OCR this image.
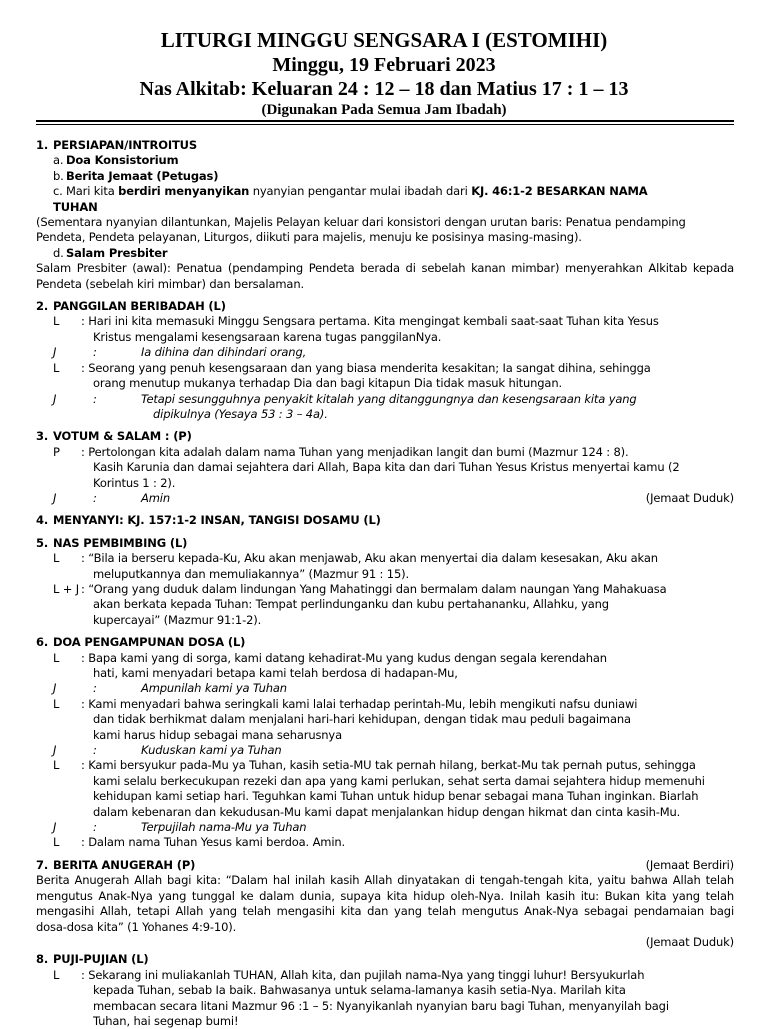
LITURGI MINGGU SENGSARA I (ESTOMIHI)
Minggu, 19 Februari 2023
Nas Alkitab: Keluaran 24 : 12 – 18 dan Matius 17 : 1 – 13
(Digunakan Pada Semua Jam Ibadah)
1. PERSIAPAN/INTROITUS
a. Doa Konsistorium
b. Berita Jemaat (Petugas)
c. Mari kita berdiri menyanyikan nyanyian pengantar mulai ibadah dari KJ. 46:1-2 BESARKAN NAMA
TUHAN
(Sementara nyanyian dilantunkan, Majelis Pelayan keluar dari konsistori dengan urutan baris: Penatua pendamping Pendeta, Pendeta pelayanan, Liturgos, diikuti para majelis, menuju ke posisinya masing-masing).
d. Salam Presbiter
Salam Presbiter (awal): Penatua (pendamping Pendeta berada di sebelah kanan mimbar) menyerahkan Alkitab kepada Pendeta (sebelah kiri mimbar) dan bersalaman.
2. PANGGILAN BERIBADAH (L)
L	: Hari ini kita memasuki Minggu Sengsara pertama. Kita mengingat kembali saat-saat Tuhan kita Yesus
Kristus mengalami kesengsaraan karena tugas panggilanNya.
J	:	Ia dihina dan dihindari orang,
L	: Seorang yang penuh kesengsaraan dan yang biasa menderita kesakitan; Ia sangat dihina, sehingga
orang menutup mukanya terhadap Dia dan bagi kitapun Dia tidak masuk hitungan.
J	:	Tetapi sesungguhnya penyakit kitalah yang ditanggungnya dan kesengsaraan kita yang
dipikulnya (Yesaya 53 : 3 – 4a).
3. VOTUM & SALAM : (P)
P	: Pertolongan kita adalah dalam nama Tuhan yang menjadikan langit dan bumi (Mazmur 124 : 8).
Kasih Karunia dan damai sejahtera dari Allah, Bapa kita dan dari Tuhan Yesus Kristus menyertai kamu (2
Korintus 1 : 2).
J	:	Amin	(Jemaat Duduk)
4. MENYANYI: KJ. 157:1-2 INSAN, TANGISI DOSAMU (L)
5. NAS PEMBIMBING (L)
L	: “Bila ia berseru kepada-Ku, Aku akan menjawab, Aku akan menyertai dia dalam kesesakan, Aku akan
meluputkannya dan memuliakannya” (Mazmur 91 : 15).
L + J : “Orang yang duduk dalam lindungan Yang Mahatinggi dan bermalam dalam naungan Yang Mahakuasa
akan berkata kepada Tuhan: Tempat perlindunganku dan kubu pertahananku, Allahku, yang
kupercayai” (Mazmur 91:1-2).
6. DOA PENGAMPUNAN DOSA (L)
L	: Bapa kami yang di sorga, kami datang kehadirat-Mu yang kudus dengan segala kerendahan
hati, kami menyadari betapa kami telah berdosa di hadapan-Mu,
J	:	Ampunilah kami ya Tuhan
L	: Kami menyadari bahwa seringkali kami lalai terhadap perintah-Mu, lebih mengikuti nafsu duniawi
dan tidak berhikmat dalam menjalani hari-hari kehidupan, dengan tidak mau peduli bagaimana
kami harus hidup sebagai mana seharusnya
J	:	Kuduskan kami ya Tuhan
L	: Kami bersyukur pada-Mu ya Tuhan, kasih setia-MU tak pernah hilang, berkat-Mu tak pernah putus, sehingga
kami selalu berkecukupan rezeki dan apa yang kami perlukan, sehat serta damai sejahtera hidup memenuhi
kehidupan kami setiap hari. Teguhkan kami Tuhan untuk hidup benar sebagai mana Tuhan inginkan. Biarlah
dalam kebenaran dan kekudusan-Mu kami dapat menjalankan hidup dengan hikmat dan cinta kasih-Mu.
J	:	Terpujilah nama-Mu ya Tuhan
L	: Dalam nama Tuhan Yesus kami berdoa. Amin.
7. BERITA ANUGERAH (P)	(Jemaat Berdiri)
Berita Anugerah Allah bagi kita: “Dalam hal inilah kasih Allah dinyatakan di tengah-tengah kita, yaitu bahwa Allah telah mengutus Anak-Nya yang tunggal ke dalam dunia, supaya kita hidup oleh-Nya. Inilah kasih itu: Bukan kita yang telah mengasihi Allah, tetapi Allah yang telah mengasihi kita dan yang telah mengutus Anak-Nya sebagai pendamaian bagi dosa-dosa kita” (1 Yohanes 4:9-10).
(Jemaat Duduk)
8. PUJI-PUJIAN (L)
L	: Sekarang ini muliakanlah TUHAN, Allah kita, dan pujilah nama-Nya yang tinggi luhur! Bersyukurlah
kepada Tuhan, sebab Ia baik. Bahwasanya untuk selama-lamanya kasih setia-Nya. Marilah kita
membacan secara litani Mazmur 96 :1 – 5: Nyanyikanlah nyanyian baru bagi Tuhan, menyanyilah bagi
Tuhan, hai segenap bumi!
